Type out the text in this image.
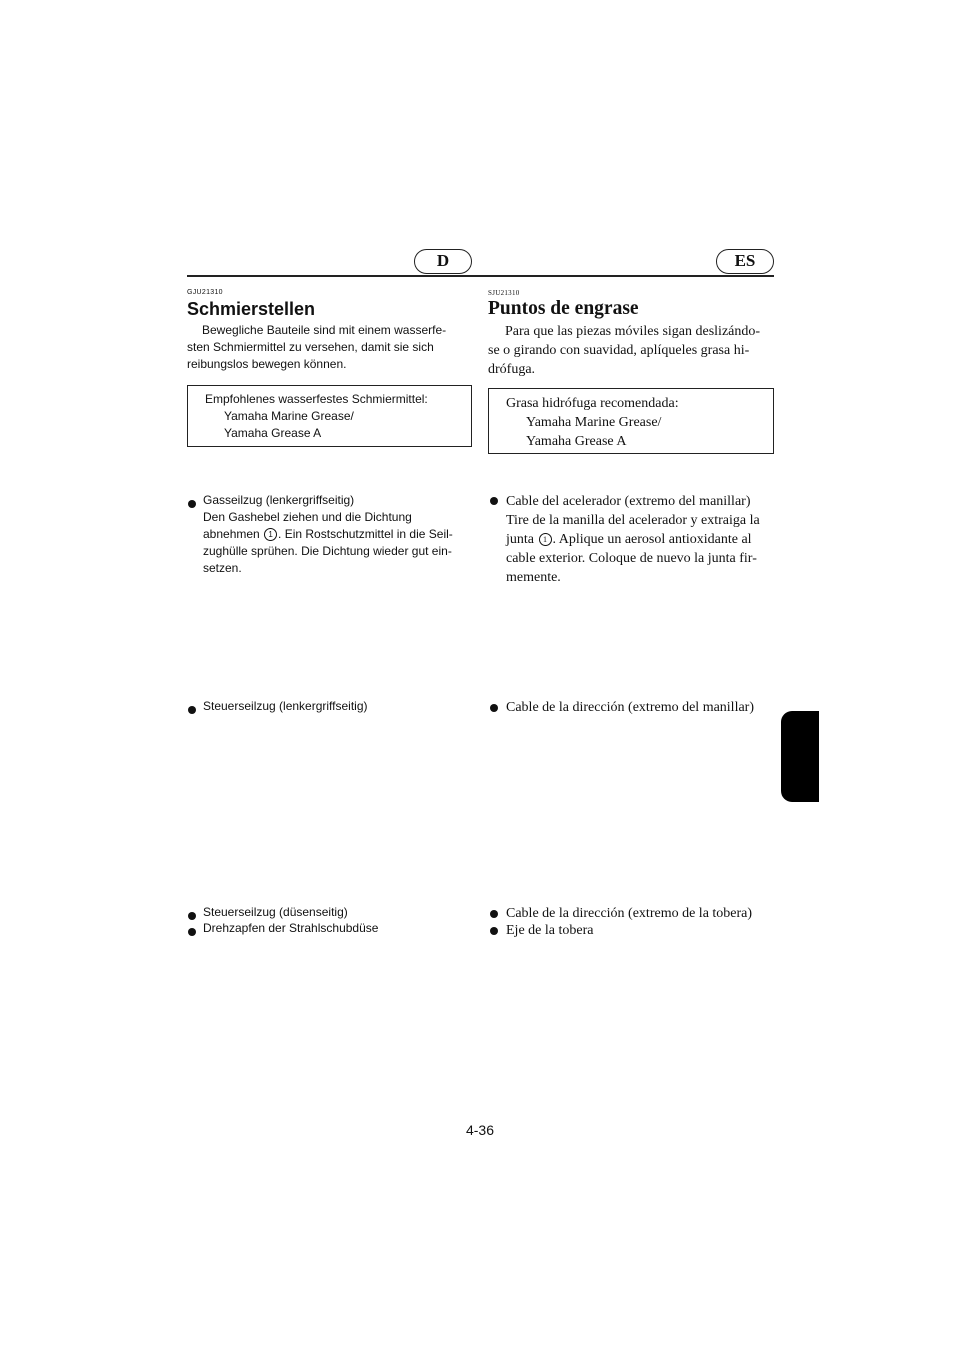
D	ES
GJU21310
Schmierstellen
Bewegliche Bauteile sind mit einem wasserfe-
sten Schmiermittel zu versehen, damit sie sich
reibungslos bewegen können.
Empfohlenes wasserfestes Schmiermittel:
Yamaha Marine Grease/
Yamaha Grease A
Gasseilzug (lenkergriffseitig)
Den Gashebel ziehen und die Dichtung
abnehmen 1 . Ein Rostschutzmittel in die Seil-
zughülle sprühen. Die Dichtung wieder gut ein-
setzen.
Steuerseilzug (lenkergriffseitig)
Steuerseilzug (düsenseitig)
Drehzapfen der Strahlschubdüse
SJU21310
Puntos de engrase
Para que las piezas móviles sigan deslizándo-
se o girando con suavidad, aplíqueles grasa hi-
drófuga.
Grasa hidrófuga recomendada:
Yamaha Marine Grease/
Yamaha Grease A
Cable del acelerador (extremo del manillar)
Tire de la manilla del acelerador y extraiga la
junta 1 . Aplique un aerosol antioxidante al
cable exterior. Coloque de nuevo la junta fir-
memente.
Cable de la dirección (extremo del manillar)
Cable de la dirección (extremo de la tobera)
Eje de la tobera
4-36
